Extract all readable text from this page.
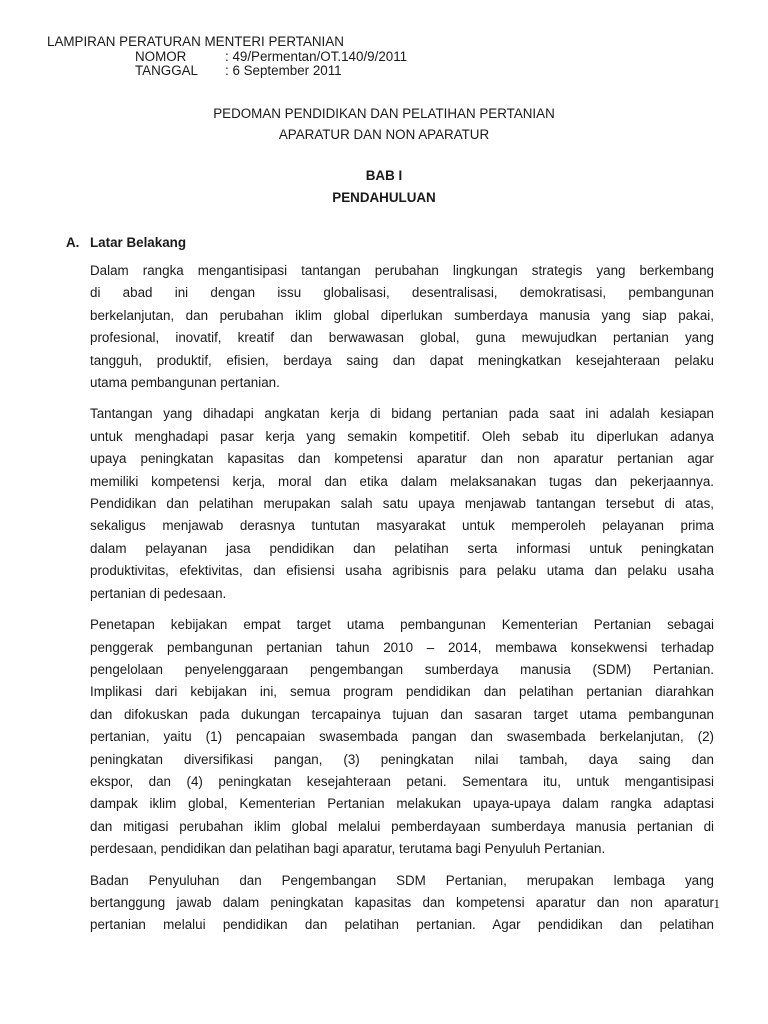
LAMPIRAN PERATURAN MENTERI PERTANIAN
NOMOR	: 49/Permentan/OT.140/9/2011
TANGGAL	: 6 September 2011
PEDOMAN PENDIDIKAN DAN PELATIHAN PERTANIAN
APARATUR DAN NON APARATUR
BAB I
PENDAHULUAN
A. Latar Belakang
Dalam rangka mengantisipasi tantangan perubahan lingkungan strategis yang berkembang
di abad ini dengan issu globalisasi, desentralisasi, demokratisasi, pembangunan
berkelanjutan, dan perubahan iklim global diperlukan sumberdaya manusia yang siap pakai,
profesional, inovatif, kreatif dan berwawasan global, guna mewujudkan pertanian yang
tangguh, produktif, efisien, berdaya saing dan dapat meningkatkan kesejahteraan pelaku
utama pembangunan pertanian.
Tantangan yang dihadapi angkatan kerja di bidang pertanian pada saat ini adalah kesiapan
untuk menghadapi pasar kerja yang semakin kompetitif. Oleh sebab itu diperlukan adanya
upaya peningkatan kapasitas dan kompetensi aparatur dan non aparatur pertanian agar
memiliki kompetensi kerja, moral dan etika dalam melaksanakan tugas dan pekerjaannya.
Pendidikan dan pelatihan merupakan salah satu upaya menjawab tantangan tersebut di atas,
sekaligus menjawab derasnya tuntutan masyarakat untuk memperoleh pelayanan prima
dalam pelayanan jasa pendidikan dan pelatihan serta informasi untuk peningkatan
produktivitas, efektivitas, dan efisiensi usaha agribisnis para pelaku utama dan pelaku usaha
pertanian di pedesaan.
Penetapan kebijakan empat target utama pembangunan Kementerian Pertanian sebagai
penggerak pembangunan pertanian tahun 2010 – 2014, membawa konsekwensi terhadap
pengelolaan penyelenggaraan pengembangan sumberdaya manusia (SDM) Pertanian.
Implikasi dari kebijakan ini, semua program pendidikan dan pelatihan pertanian diarahkan
dan difokuskan pada dukungan tercapainya tujuan dan sasaran target utama pembangunan
pertanian, yaitu (1) pencapaian swasembada pangan dan swasembada berkelanjutan, (2)
peningkatan diversifikasi pangan, (3) peningkatan nilai tambah, daya saing dan
ekspor, dan (4) peningkatan kesejahteraan petani. Sementara itu, untuk mengantisipasi
dampak iklim global, Kementerian Pertanian melakukan upaya-upaya dalam rangka adaptasi
dan mitigasi perubahan iklim global melalui pemberdayaan sumberdaya manusia pertanian di
perdesaan, pendidikan dan pelatihan bagi aparatur, terutama bagi Penyuluh Pertanian.
Badan Penyuluhan dan Pengembangan SDM Pertanian, merupakan lembaga yang
bertanggung jawab dalam peningkatan kapasitas dan kompetensi aparatur dan non aparatur
pertanian melalui pendidikan dan pelatihan pertanian. Agar pendidikan dan pelatihan
1
